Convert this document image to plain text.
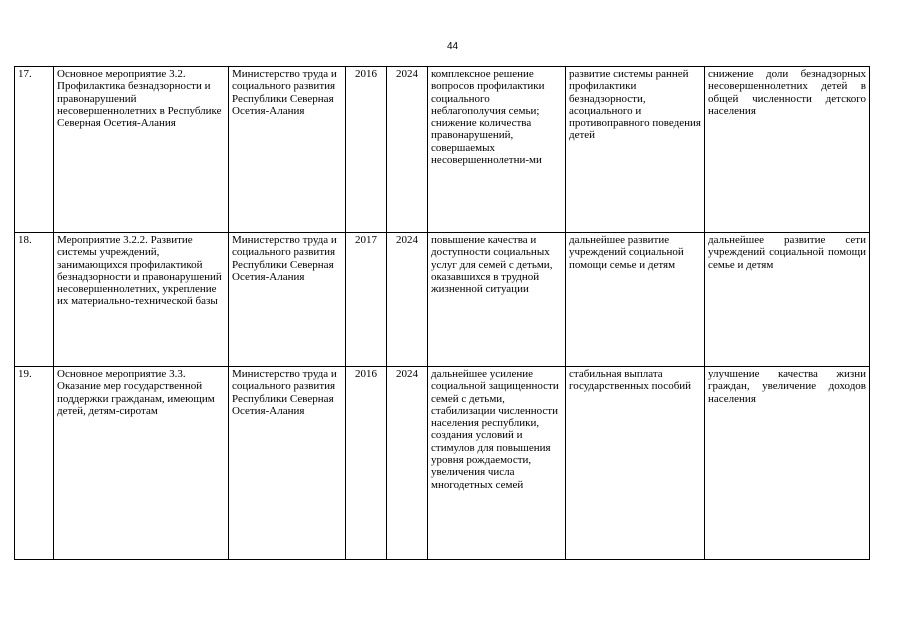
44
17.	Основное мероприятие 3.2. Профилактика безнадзорности и правонарушений несовершеннолетних в Республике Северная Осетия-Алания	Министерство труда и социального развития Республики Северная Осетия-Алания	2016	2024	комплексное решение вопросов профилактики социального неблагополучия семьи; снижение количества правонарушений, совершаемых несовершеннолетни-ми	развитие системы ранней профилактики безнадзорности, асоциального и противоправного поведения детей	снижение доли безнадзорных несовершеннолетних детей в общей численности детского населения
18.	Мероприятие 3.2.2. Развитие системы учреждений, занимающихся профилактикой безнадзорности и правонарушений несовершеннолетних, укрепление их материально-технической базы	Министерство труда и социального развития Республики Северная Осетия-Алания	2017	2024	повышение качества и доступности социальных услуг для семей с детьми, оказавшихся в трудной жизненной ситуации	дальнейшее развитие учреждений социальной помощи семье и детям	дальнейшее развитие сети учреждений социальной помощи семье и детям
19.	Основное мероприятие 3.3. Оказание мер государственной поддержки гражданам, имеющим детей, детям-сиротам	Министерство труда и социального развития Республики Северная Осетия-Алания	2016	2024	дальнейшее усиление социальной защищенности семей с детьми, стабилизации численности населения республики, создания условий и стимулов для повышения уровня рождаемости, увеличения числа многодетных семей	стабильная выплата государственных пособий	улучшение качества жизни граждан, увеличение доходов населения
